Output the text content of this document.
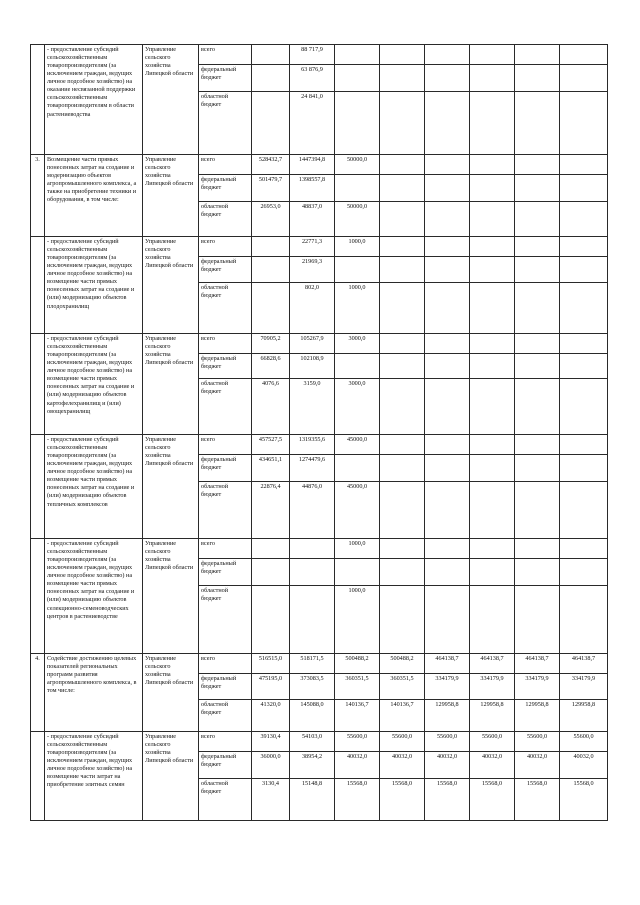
	- предоставление субсидий сельскохозяйственным товаропроизводителям (за исключением граждан, ведущих личное подсобное хозяйство) на оказание несвязанной поддержки сельскохозяйственным товаропроизводителям в области растениеводства	Управление сельского хозяйства Липецкой области	всего		88 717,9						
			федеральный бюджет		63 876,9						
			областной бюджет		24 841,0						
3.	Возмещение части прямых понесенных затрат на создание и модернизацию объектов агропромышленного комплекса, а также на приобретение техники и оборудования, в том числе:	Управление сельского хозяйства Липецкой области	всего	528432,7	1447394,8	50000,0					
			федеральный бюджет	501479,7	1398557,8						
			областной бюджет	26953,0	48837,0	50000,0					
	- предоставление субсидий сельскохозяйственным товаропроизводителям (за исключением граждан, ведущих личное подсобное хозяйство) на возмещение части прямых понесенных затрат на создание и (или) модернизацию объектов плодохранилищ	Управление сельского хозяйства Липецкой области	всего		22771,3	1000,0					
			федеральный бюджет		21969,3						
			областной бюджет		802,0	1000,0					
	- предоставление субсидий сельскохозяйственным товаропроизводителям (за исключением граждан, ведущих личное подсобное хозяйство) на возмещение части прямых понесенных затрат на создание и (или) модернизацию объектов картофелехранилищ и (или) овощехранилищ	Управление сельского хозяйства Липецкой области	всего	70905,2	105267,9	3000,0					
			федеральный бюджет	66828,6	102108,9						
			областной бюджет	4076,6	3159,0	3000,0					
	- предоставление субсидий сельскохозяйственным товаропроизводителям (за исключением граждан, ведущих личное подсобное хозяйство) на возмещение части прямых понесенных затрат на создание и (или) модернизацию объектов тепличных комплексов	Управление сельского хозяйства Липецкой области	всего	457527,5	1319355,6	45000,0					
			федеральный бюджет	434651,1	1274479,6						
			областной бюджет	22876,4	44876,0	45000,0					
	- предоставление субсидий сельскохозяйственным товаропроизводителям (за исключением граждан, ведущих личное подсобное хозяйство) на возмещение части прямых понесенных затрат на создание и (или) модернизацию объектов селекционно-семеноводческих центров в растениеводстве	Управление сельского хозяйства Липецкой области	всего			1000,0					
			федеральный бюджет								
			областной бюджет			1000,0					
4.	Содействие достижению целевых показателей региональных программ развития агропромышленного комплекса, в том числе:	Управление сельского хозяйства Липецкой области	всего	516515,0	518171,5	500488,2	500488,2	464138,7	464138,7	464138,7	464138,7
			федеральный бюджет	475195,0	373083,5	360351,5	360351,5	334179,9	334179,9	334179,9	334179,9
			областной бюджет	41320,0	145088,0	140136,7	140136,7	129958,8	129958,8	129958,8	129958,8
	- предоставление субсидий сельскохозяйственным товаропроизводителям (за исключением граждан, ведущих личное подсобное хозяйство) на возмещение части затрат на приобретение элитных семян	Управление сельского хозяйства Липецкой области	всего	39130,4	54103,0	55600,0	55600,0	55600,0	55600,0	55600,0	55600,0
			федеральный бюджет	36000,0	38954,2	40032,0	40032,0	40032,0	40032,0	40032,0	40032,0
			областной бюджет	3130,4	15148,8	15568,0	15568,0	15568,0	15568,0	15568,0	15568,0
